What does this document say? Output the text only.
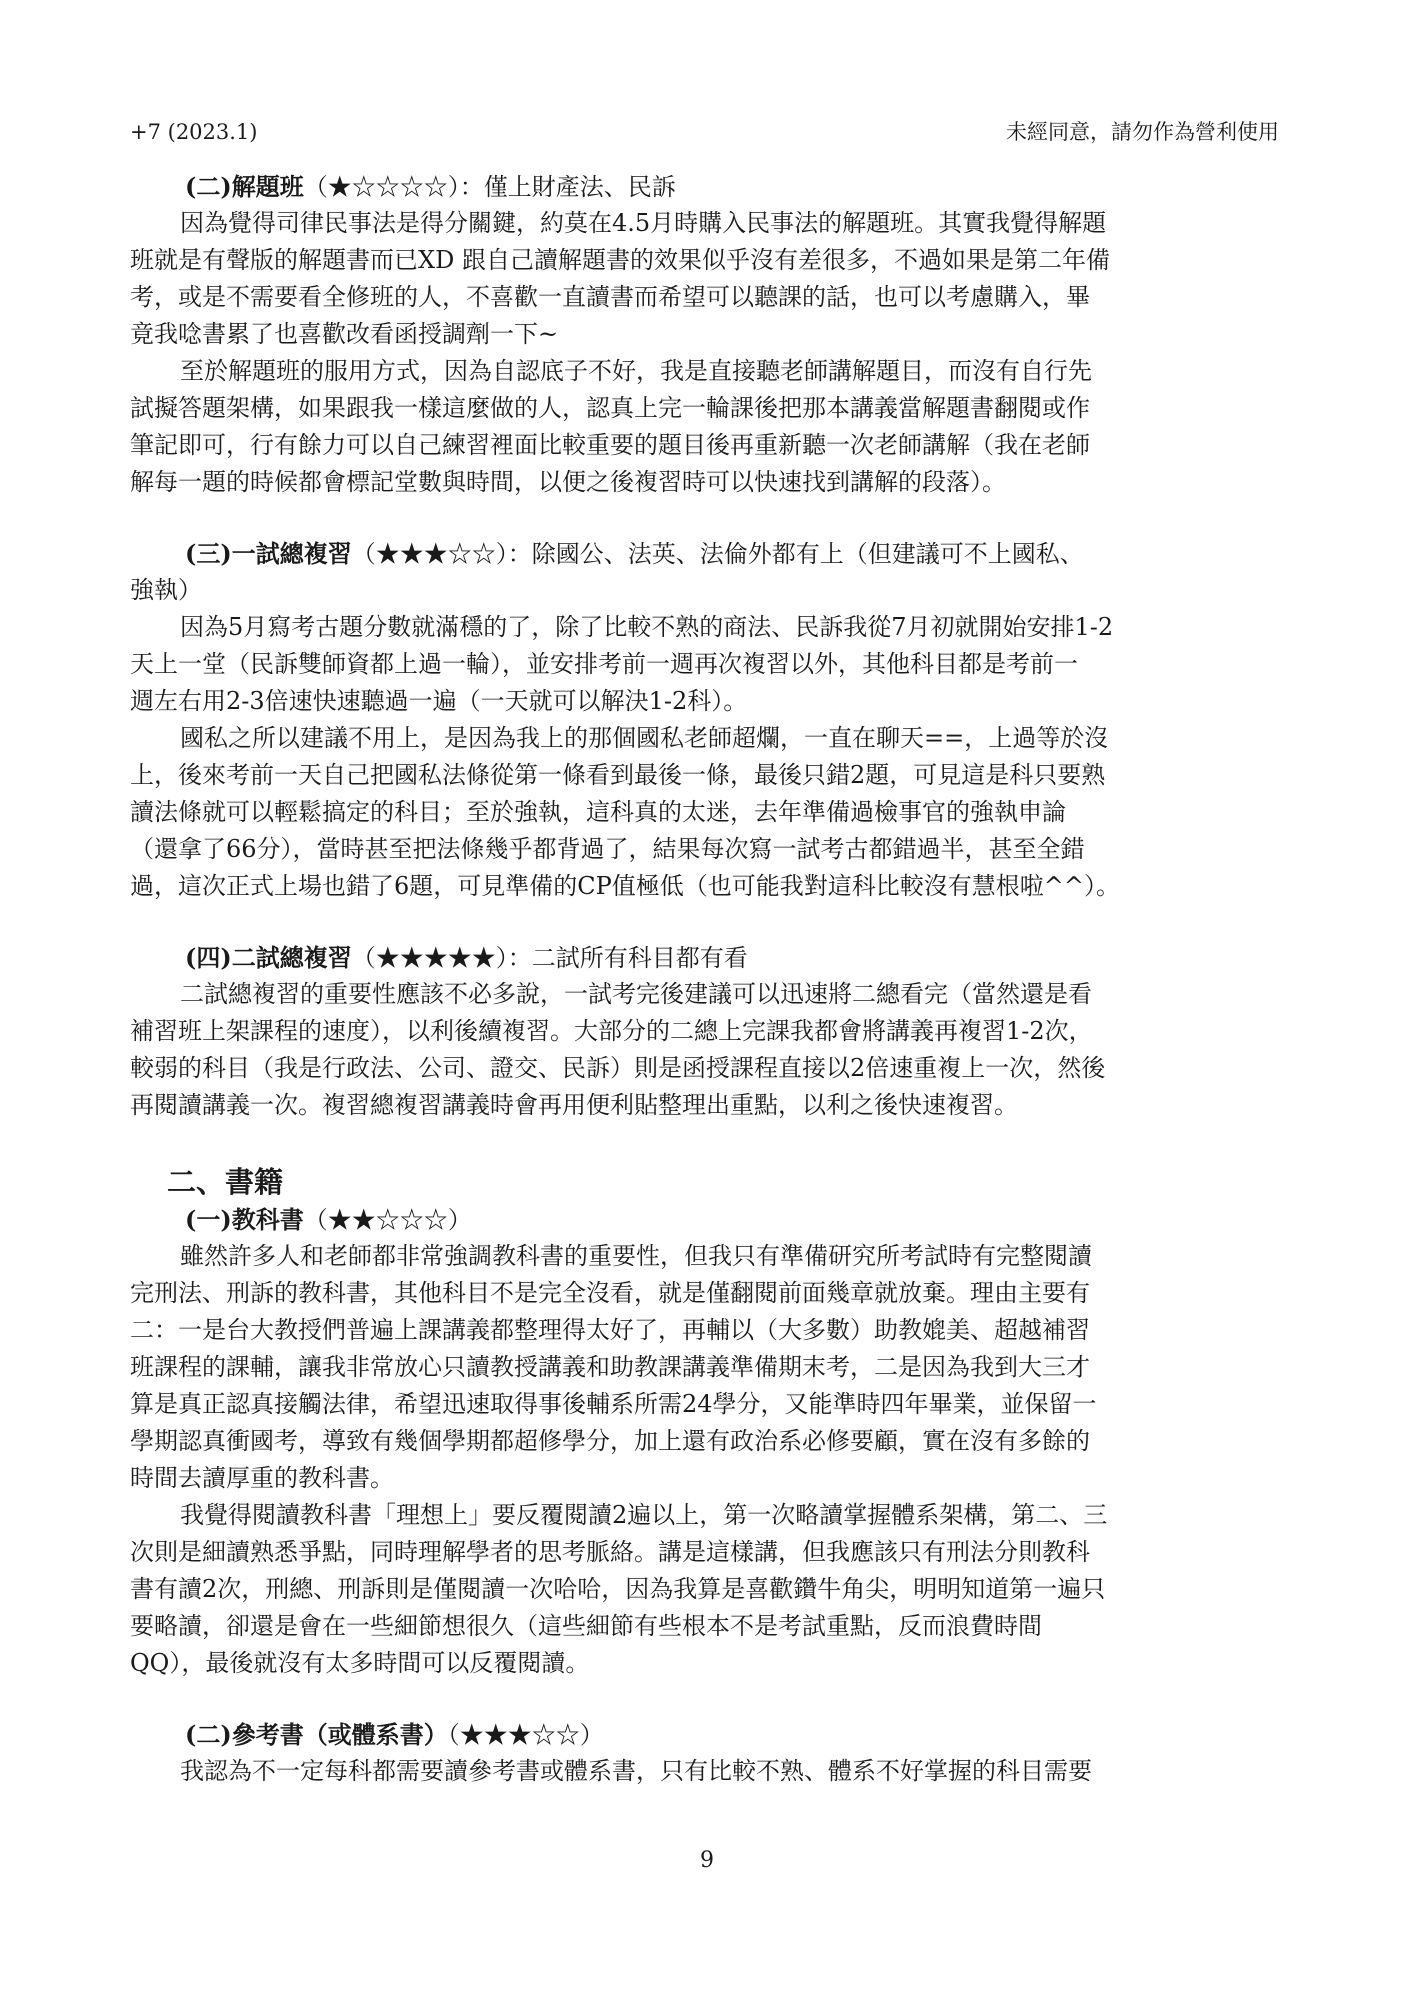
+7 (2023.1)	未經同意，請勿作為營利使用
(二)解題班（★☆☆☆☆）：僅上財產法、民訴
因為覺得司律民事法是得分關鍵，約莫在4.5月時購入民事法的解題班。其實我覺得解題
班就是有聲版的解題書而已XD 跟自己讀解題書的效果似乎沒有差很多，不過如果是第二年備
考，或是不需要看全修班的人，不喜歡一直讀書而希望可以聽課的話，也可以考慮購入，畢
竟我唸書累了也喜歡改看函授調劑一下~
至於解題班的服用方式，因為自認底子不好，我是直接聽老師講解題目，而沒有自行先
試擬答題架構，如果跟我一樣這麼做的人，認真上完一輪課後把那本講義當解題書翻閱或作
筆記即可，行有餘力可以自己練習裡面比較重要的題目後再重新聽一次老師講解（我在老師
解每一題的時候都會標記堂數與時間，以便之後複習時可以快速找到講解的段落）。
(三)一試總複習（★★★☆☆）：除國公、法英、法倫外都有上（但建議可不上國私、
強執）
因為5月寫考古題分數就滿穩的了，除了比較不熟的商法、民訴我從7月初就開始安排1-2
天上一堂（民訴雙師資都上過一輪），並安排考前一週再次複習以外，其他科目都是考前一
週左右用2-3倍速快速聽過一遍（一天就可以解決1-2科）。
國私之所以建議不用上，是因為我上的那個國私老師超爛，一直在聊天==，上過等於沒
上，後來考前一天自己把國私法條從第一條看到最後一條，最後只錯2題，可見這是科只要熟
讀法條就可以輕鬆搞定的科目；至於強執，這科真的太迷，去年準備過檢事官的強執申論
（還拿了66分），當時甚至把法條幾乎都背過了，結果每次寫一試考古都錯過半，甚至全錯
過，這次正式上場也錯了6題，可見準備的CP值極低（也可能我對這科比較沒有慧根啦^^）。
(四)二試總複習（★★★★★）：二試所有科目都有看
二試總複習的重要性應該不必多說，一試考完後建議可以迅速將二總看完（當然還是看
補習班上架課程的速度），以利後續複習。大部分的二總上完課我都會將講義再複習1-2次，
較弱的科目（我是行政法、公司、證交、民訴）則是函授課程直接以2倍速重複上一次，然後
再閱讀講義一次。複習總複習講義時會再用便利貼整理出重點，以利之後快速複習。
二、書籍
(一)教科書（★★☆☆☆）
雖然許多人和老師都非常強調教科書的重要性，但我只有準備研究所考試時有完整閱讀
完刑法、刑訴的教科書，其他科目不是完全沒看，就是僅翻閱前面幾章就放棄。理由主要有
二：一是台大教授們普遍上課講義都整理得太好了，再輔以（大多數）助教媲美、超越補習
班課程的課輔，讓我非常放心只讀教授講義和助教課講義準備期末考，二是因為我到大三才
算是真正認真接觸法律，希望迅速取得事後輔系所需24學分，又能準時四年畢業，並保留一
學期認真衝國考，導致有幾個學期都超修學分，加上還有政治系必修要顧，實在沒有多餘的
時間去讀厚重的教科書。
我覺得閱讀教科書「理想上」要反覆閱讀2遍以上，第一次略讀掌握體系架構，第二、三
次則是細讀熟悉爭點，同時理解學者的思考脈絡。講是這樣講，但我應該只有刑法分則教科
書有讀2次，刑總、刑訴則是僅閱讀一次哈哈，因為我算是喜歡鑽牛角尖，明明知道第一遍只
要略讀，卻還是會在一些細節想很久（這些細節有些根本不是考試重點，反而浪費時間
QQ），最後就沒有太多時間可以反覆閱讀。
(二)參考書（或體系書）（★★★☆☆）
我認為不一定每科都需要讀參考書或體系書，只有比較不熟、體系不好掌握的科目需要
9
